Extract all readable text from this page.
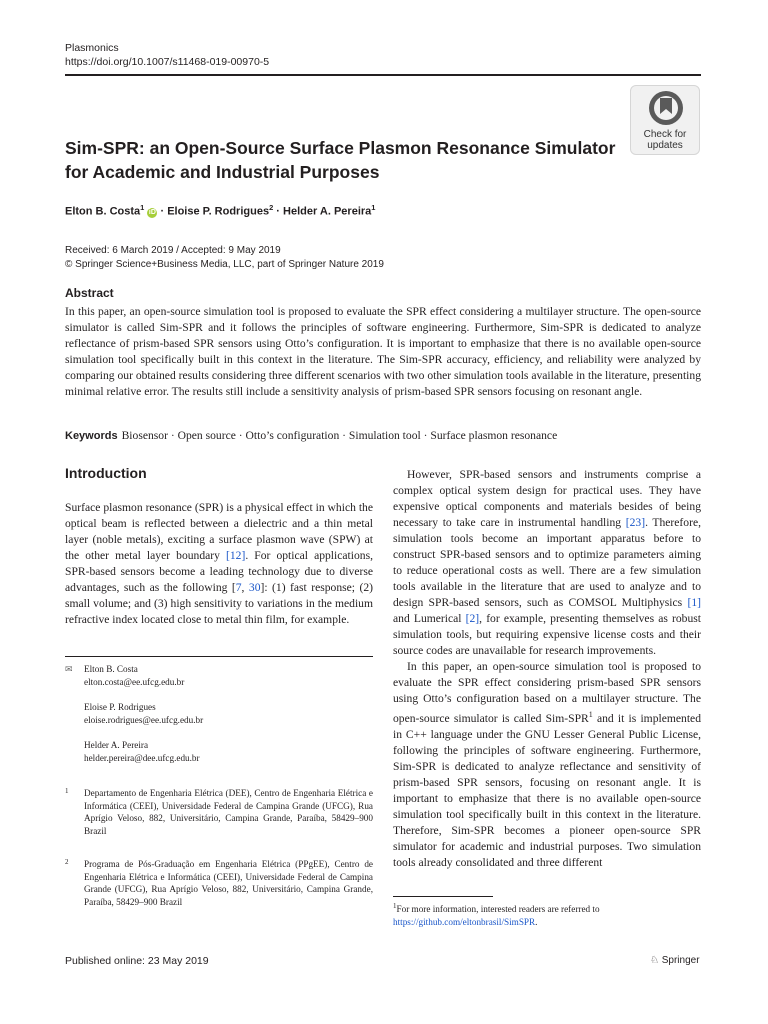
Plasmonics
https://doi.org/10.1007/s11468-019-00970-5
Check for
updates
Sim-SPR: an Open-Source Surface Plasmon Resonance Simulator
for Academic and Industrial Purposes
Elton B. Costa$^1$ iD · Eloise P. Rodrigues$^2$ · Helder A. Pereira$^1$
Received: 6 March 2019 / Accepted: 9 May 2019
© Springer Science+Business Media, LLC, part of Springer Nature 2019
Abstract
In this paper, an open-source simulation tool is proposed to evaluate the SPR effect considering a multilayer structure. The open-source simulator is called Sim-SPR and it follows the principles of software engineering. Furthermore, Sim-SPR is dedicated to analyze reflectance of prism-based SPR sensors using Otto’s configuration. It is important to emphasize that there is no available open-source simulation tool specifically built in this context in the literature. The Sim-SPR accuracy, efficiency, and reliability were analyzed by comparing our obtained results considering three different scenarios with two other simulation tools available in the literature, presenting minimal relative error. The results still include a sensitivity analysis of prism-based SPR sensors focusing on resonant angle.
Keywords Biosensor · Open source · Otto’s configuration · Simulation tool · Surface plasmon resonance
Introduction
Surface plasmon resonance (SPR) is a physical effect in which the optical beam is reflected between a dielectric and a thin metal layer (noble metals), exciting a surface plasmon wave (SPW) at the other metal layer boundary [12]. For optical applications, SPR-based sensors become a leading technology due to diverse advantages, such as the following [7, 30]: (1) fast response; (2) small volume; and (3) high sensitivity to variations in the medium refractive index located close to metal thin film, for example.
✉ Elton B. Costa
elton.costa@ee.ufcg.edu.br
Eloise P. Rodrigues
eloise.rodrigues@ee.ufcg.edu.br
Helder A. Pereira
helder.pereira@dee.ufcg.edu.br
1 Departamento de Engenharia Elétrica (DEE), Centro de Engenharia Elétrica e Informática (CEEI), Universidade Federal de Campina Grande (UFCG), Rua Aprígio Veloso, 882, Universitário, Campina Grande, Paraíba, 58429–900 Brazil
2 Programa de Pós-Graduação em Engenharia Elétrica (PPgEE), Centro de Engenharia Elétrica e Informática (CEEI), Universidade Federal de Campina Grande (UFCG), Rua Aprígio Veloso, 882, Universitário, Campina Grande, Paraíba, 58429–900 Brazil

However, SPR-based sensors and instruments comprise a complex optical system design for practical uses. They have expensive optical components and materials besides of being necessary to take care in instrumental handling [23]. Therefore, simulation tools become an important apparatus before to construct SPR-based sensors and to optimize parameters aiming to reduce operational costs as well. There are a few simulation tools available in the literature that are used to analyze and to design SPR-based sensors, such as COMSOL Multiphysics [1] and Lumerical [2], for example, presenting themselves as robust simulation tools, but requiring expensive license costs and their source codes are unavailable for research improvements.

In this paper, an open-source simulation tool is proposed to evaluate the SPR effect considering prism-based SPR sensors using Otto’s configuration based on a multilayer structure. The open-source simulator is called Sim-SPR$^1$ and it is implemented in C++ language under the GNU Lesser General Public License, following the principles of software engineering. Furthermore, Sim-SPR is dedicated to analyze reflectance and sensitivity of prism-based SPR sensors, focusing on resonant angle. It is important to emphasize that there is no available open-source simulation tool specifically built in this context in the literature. Therefore, Sim-SPR becomes a pioneer open-source SPR simulator for academic and industrial purposes. Two simulation tools already consolidated and three different

$^1$For more information, interested readers are referred to https://github.com/eltonbrasil/SimSPR.
Published online: 23 May 2019	♘ Springer
